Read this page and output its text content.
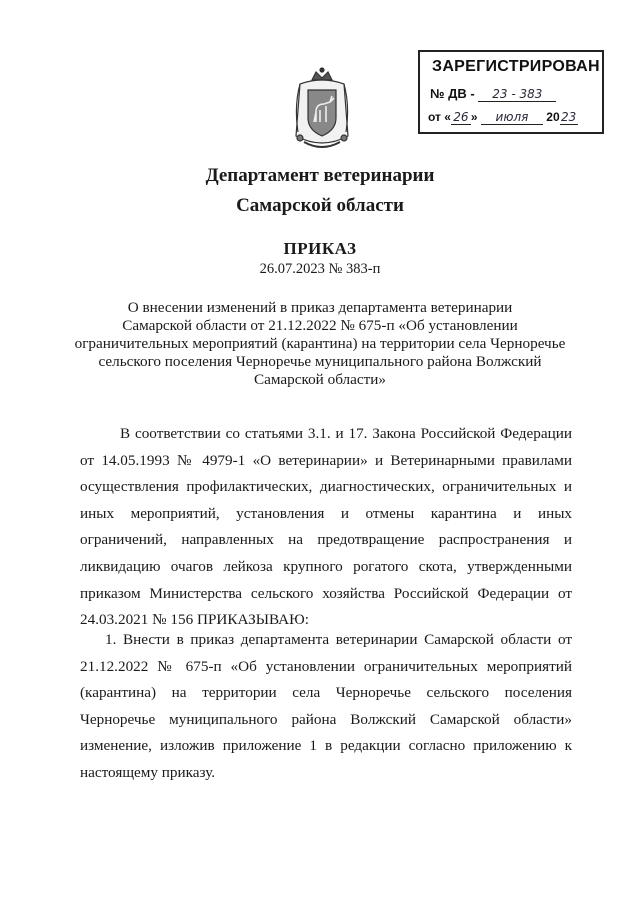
ЗАРЕГИСТРИРОВАН
№ ДВ - 23 - 383
от « 26 » июля 2023
Департамент ветеринарии
Самарской области
ПРИКАЗ
26.07.2023 № 383-п
О внесении изменений в приказ департамента ветеринарии
Самарской области от 21.12.2022 № 675-п «Об установлении
ограничительных мероприятий (карантина) на территории села Черноречье
сельского поселения Черноречье муниципального района Волжский
Самарской области»
В соответствии со статьями 3.1. и 17. Закона Российской Федерации от 14.05.1993 № 4979-1 «О ветеринарии» и Ветеринарными правилами осуществления профилактических, диагностических, ограничительных и иных мероприятий, установления и отмены карантина и иных ограничений, направленных на предотвращение распространения и ликвидацию очагов лейкоза крупного рогатого скота, утвержденными приказом Министерства сельского хозяйства Российской Федерации от 24.03.2021 № 156 ПРИКАЗЫВАЮ:
1. Внести в приказ департамента ветеринарии Самарской области от 21.12.2022 № 675-п «Об установлении ограничительных мероприятий (карантина) на территории села Черноречье сельского поселения Черноречье муниципального района Волжский Самарской области» изменение, изложив приложение 1 в редакции согласно приложению к настоящему приказу.
